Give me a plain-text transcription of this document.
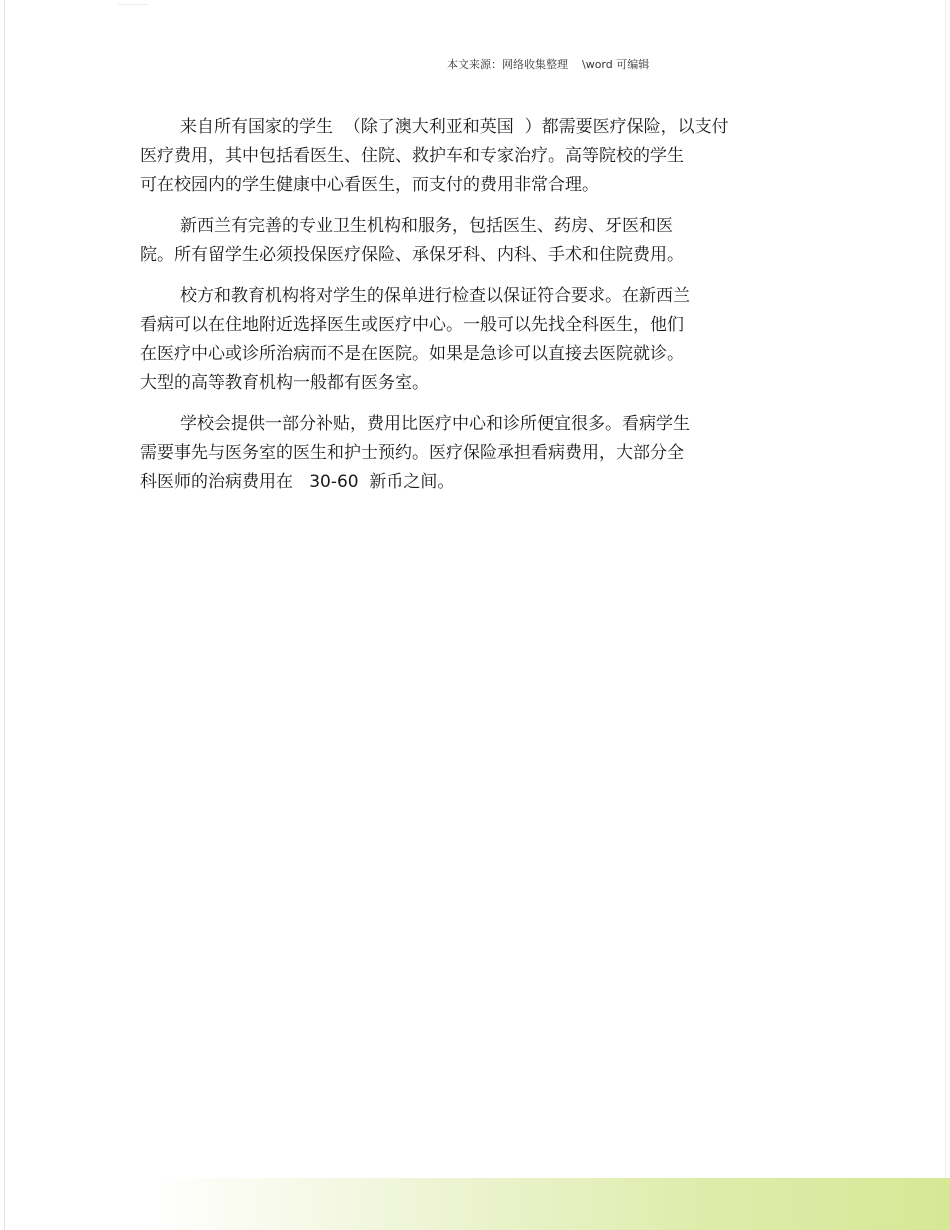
本文来源：网络收集整理    \word 可编辑
来自所有国家的学生  （除了澳大利亚和英国  ）都需要医疗保险，以支付
医疗费用，其中包括看医生、住院、救护车和专家治疗。高等院校的学生
可在校园内的学生健康中心看医生，而支付的费用非常合理。
新西兰有完善的专业卫生机构和服务，包括医生、药房、牙医和医
院。所有留学生必须投保医疗保险、承保牙科、内科、手术和住院费用。
校方和教育机构将对学生的保单进行检查以保证符合要求。在新西兰
看病可以在住地附近选择医生或医疗中心。一般可以先找全科医生，他们
在医疗中心或诊所治病而不是在医院。如果是急诊可以直接去医院就诊。
大型的高等教育机构一般都有医务室。
学校会提供一部分补贴，费用比医疗中心和诊所便宜很多。看病学生
需要事先与医务室的医生和护士预约。医疗保险承担看病费用，大部分全
科医师的治病费用在   30-60  新币之间。
